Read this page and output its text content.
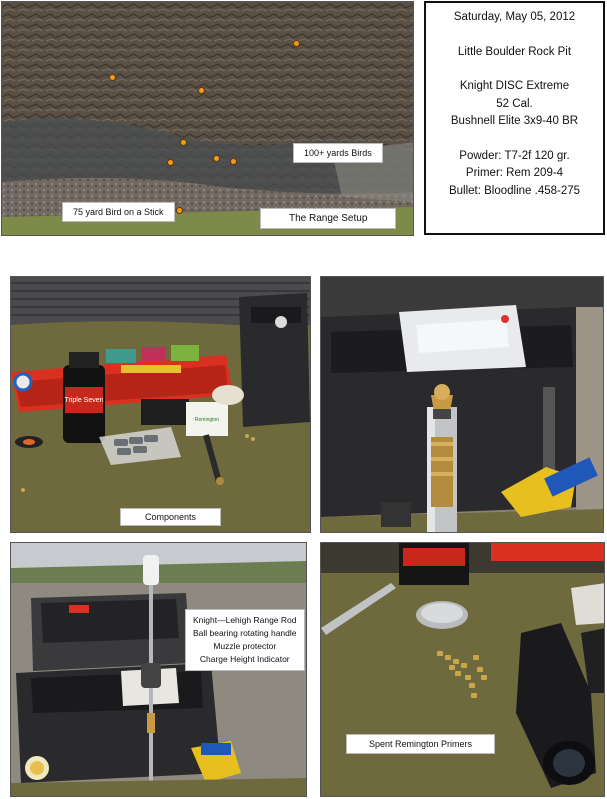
100+ yards Birds
75 yard Bird on a Stick
The Range Setup
Saturday, May 05, 2012
Little Boulder Rock Pit
Knight DISC Extreme
52 Cal.
Bushnell Elite 3x9-40 BR
Powder: T7-2f 120 gr.
Primer: Rem 209-4
Bullet: Bloodline .458-275
Triple Seven
Remington
Components
Knight—Lehigh Range Rod
Ball bearing rotating handle
Muzzle protector
Charge Height Indicator
Spent Remington Primers
